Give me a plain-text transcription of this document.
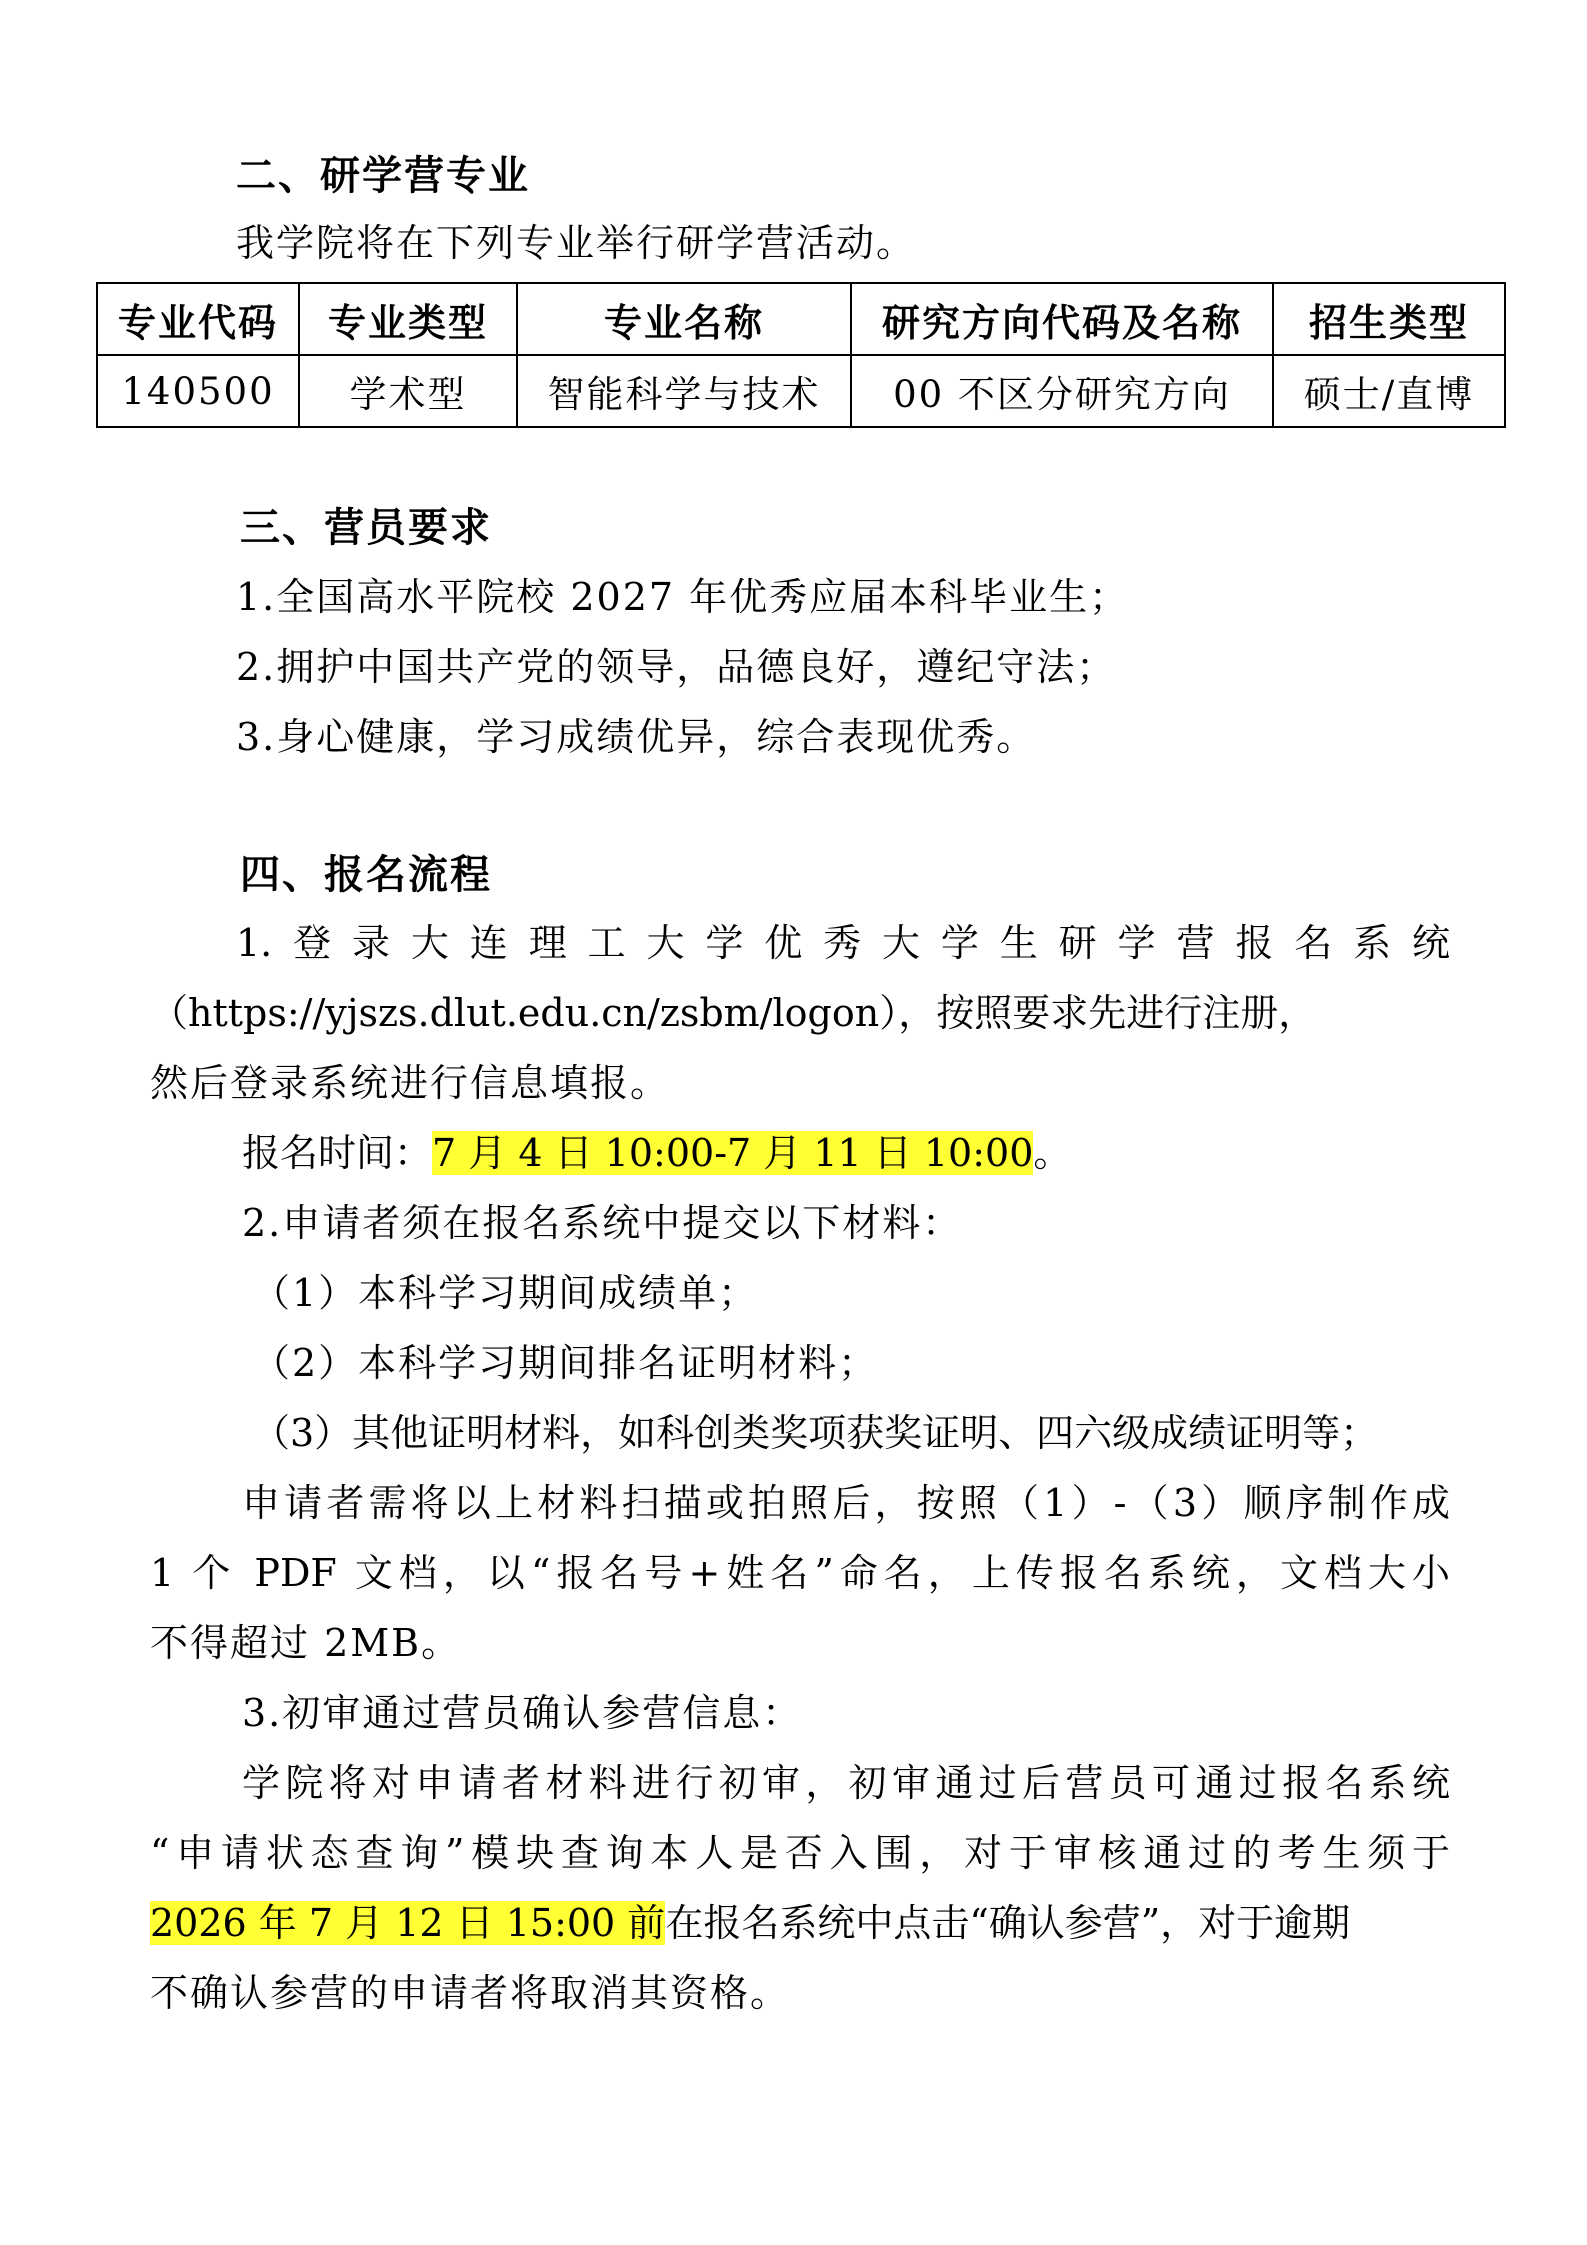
二、研学营专业
我学院将在下列专业举行研学营活动。
专业代码	专业类型	专业名称	研究方向代码及名称	招生类型
140500	学术型	智能科学与技术	00 不区分研究方向	硕士/直博
三、营员要求
1.全国高水平院校 2027 年优秀应届本科毕业生；
2.拥护中国共产党的领导，品德良好，遵纪守法；
3.身心健康，学习成绩优异，综合表现优秀。
四、报名流程
1.登录大连理工大学优秀大学生研学营报名系统
（https://yjszs.dlut.edu.cn/zsbm/logon），按照要求先进行注册，
然后登录系统进行信息填报。
报名时间：7 月 4 日 10:00-7 月 11 日 10:00。
2.申请者须在报名系统中提交以下材料：
（1）本科学习期间成绩单；
（2）本科学习期间排名证明材料；
（3）其他证明材料，如科创类奖项获奖证明、四六级成绩证明等；
申请者需将以上材料扫描或拍照后，按照（1）-（3）顺序制作成
1 个 PDF 文档，以“报名号+姓名”命名，上传报名系统，文档大小
不得超过 2MB。
3.初审通过营员确认参营信息：
学院将对申请者材料进行初审，初审通过后营员可通过报名系统
“申请状态查询”模块查询本人是否入围，对于审核通过的考生须于
2026 年 7 月 12 日 15:00 前在报名系统中点击“确认参营”，对于逾期
不确认参营的申请者将取消其资格。
